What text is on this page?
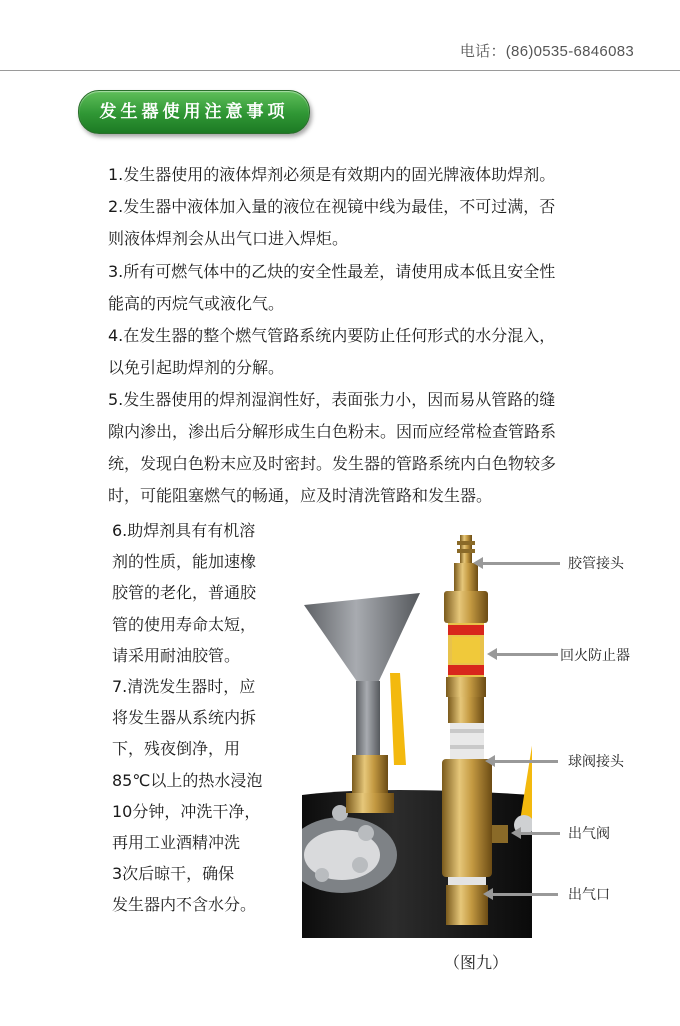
电话：(86)0535-6846083
发生器使用注意事项
1.发生器使用的液体焊剂必须是有效期内的固光牌液体助焊剂。
2.发生器中液体加入量的液位在视镜中线为最佳，不可过满，否
则液体焊剂会从出气口进入焊炬。
3.所有可燃气体中的乙炔的安全性最差，请使用成本低且安全性
能高的丙烷气或液化气。
4.在发生器的整个燃气管路系统内要防止任何形式的水分混入，
以免引起助焊剂的分解。
5.发生器使用的焊剂湿润性好，表面张力小，因而易从管路的缝
隙内渗出，渗出后分解形成生白色粉末。因而应经常检查管路系
统，发现白色粉末应及时密封。发生器的管路系统内白色物较多
时，可能阻塞燃气的畅通，应及时清洗管路和发生器。
6.助焊剂具有有机溶
剂的性质，能加速橡
胶管的老化，普通胶
管的使用寿命太短，
请采用耐油胶管。
7.清洗发生器时，应
将发生器从系统内拆
下，残夜倒净，用
85℃以上的热水浸泡
10分钟，冲洗干净，
再用工业酒精冲洗
3次后晾干，确保
发生器内不含水分。
胶管接头
回火防止器
球阀接头
出气阀
出气口
（图九）
